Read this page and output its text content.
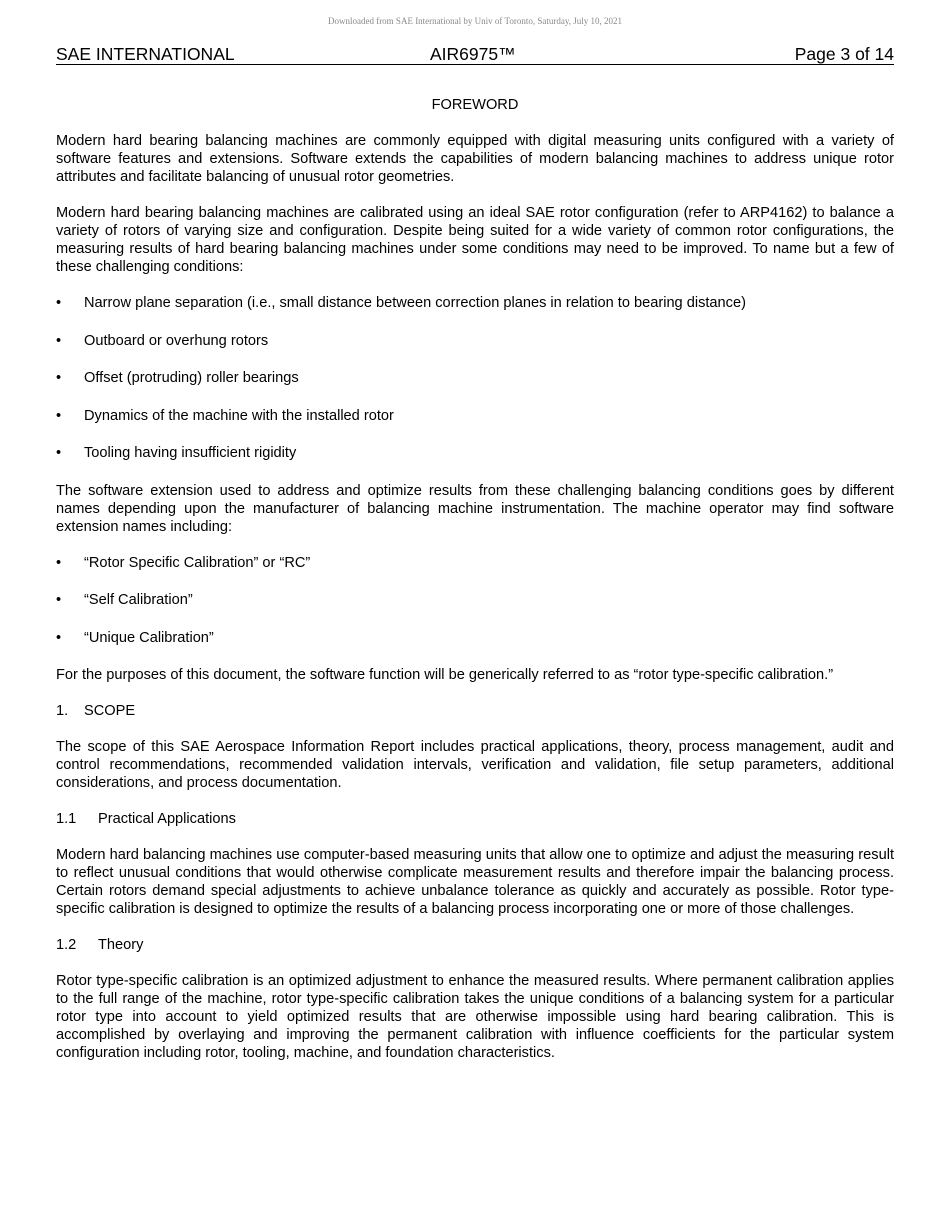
Downloaded from SAE International by Univ of Toronto, Saturday, July 10, 2021
SAE INTERNATIONAL	AIR6975™	Page 3 of 14
FOREWORD

Modern hard bearing balancing machines are commonly equipped with digital measuring units configured with a variety of software features and extensions. Software extends the capabilities of modern balancing machines to address unique rotor attributes and facilitate balancing of unusual rotor geometries.

Modern hard bearing balancing machines are calibrated using an ideal SAE rotor configuration (refer to ARP4162) to balance a variety of rotors of varying size and configuration. Despite being suited for a wide variety of common rotor configurations, the measuring results of hard bearing balancing machines under some conditions may need to be improved. To name but a few of these challenging conditions:

• Narrow plane separation (i.e., small distance between correction planes in relation to bearing distance)
• Outboard or overhung rotors
• Offset (protruding) roller bearings
• Dynamics of the machine with the installed rotor
• Tooling having insufficient rigidity

The software extension used to address and optimize results from these challenging balancing conditions goes by different names depending upon the manufacturer of balancing machine instrumentation. The machine operator may find software extension names including:

• “Rotor Specific Calibration” or “RC”
• “Self Calibration”
• “Unique Calibration”

For the purposes of this document, the software function will be generically referred to as “rotor type-specific calibration.”

1. SCOPE

The scope of this SAE Aerospace Information Report includes practical applications, theory, process management, audit and control recommendations, recommended validation intervals, verification and validation, file setup parameters, additional considerations, and process documentation.

1.1 Practical Applications

Modern hard balancing machines use computer-based measuring units that allow one to optimize and adjust the measuring result to reflect unusual conditions that would otherwise complicate measurement results and therefore impair the balancing process. Certain rotors demand special adjustments to achieve unbalance tolerance as quickly and accurately as possible. Rotor type-specific calibration is designed to optimize the results of a balancing process incorporating one or more of those challenges.

1.2 Theory

Rotor type-specific calibration is an optimized adjustment to enhance the measured results. Where permanent calibration applies to the full range of the machine, rotor type-specific calibration takes the unique conditions of a balancing system for a particular rotor type into account to yield optimized results that are otherwise impossible using hard bearing calibration. This is accomplished by overlaying and improving the permanent calibration with influence coefficients for the particular system configuration including rotor, tooling, machine, and foundation characteristics.
